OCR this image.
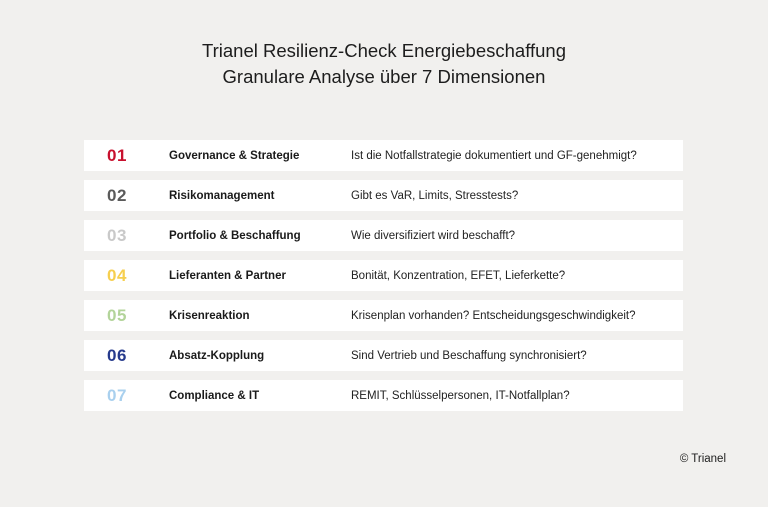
Trianel Resilienz-Check Energiebeschaffung
Granulare Analyse über 7 Dimensionen
01	Governance & Strategie	Ist die Notfallstrategie dokumentiert und GF-genehmigt?
02	Risikomanagement	Gibt es VaR, Limits, Stresstests?
03	Portfolio & Beschaffung	Wie diversifiziert wird beschafft?
04	Lieferanten & Partner	Bonität, Konzentration, EFET, Lieferkette?
05	Krisenreaktion	Krisenplan vorhanden? Entscheidungsgeschwindigkeit?
06	Absatz-Kopplung	Sind Vertrieb und Beschaffung synchronisiert?
07	Compliance & IT	REMIT, Schlüsselpersonen, IT-Notfallplan?
© Trianel
